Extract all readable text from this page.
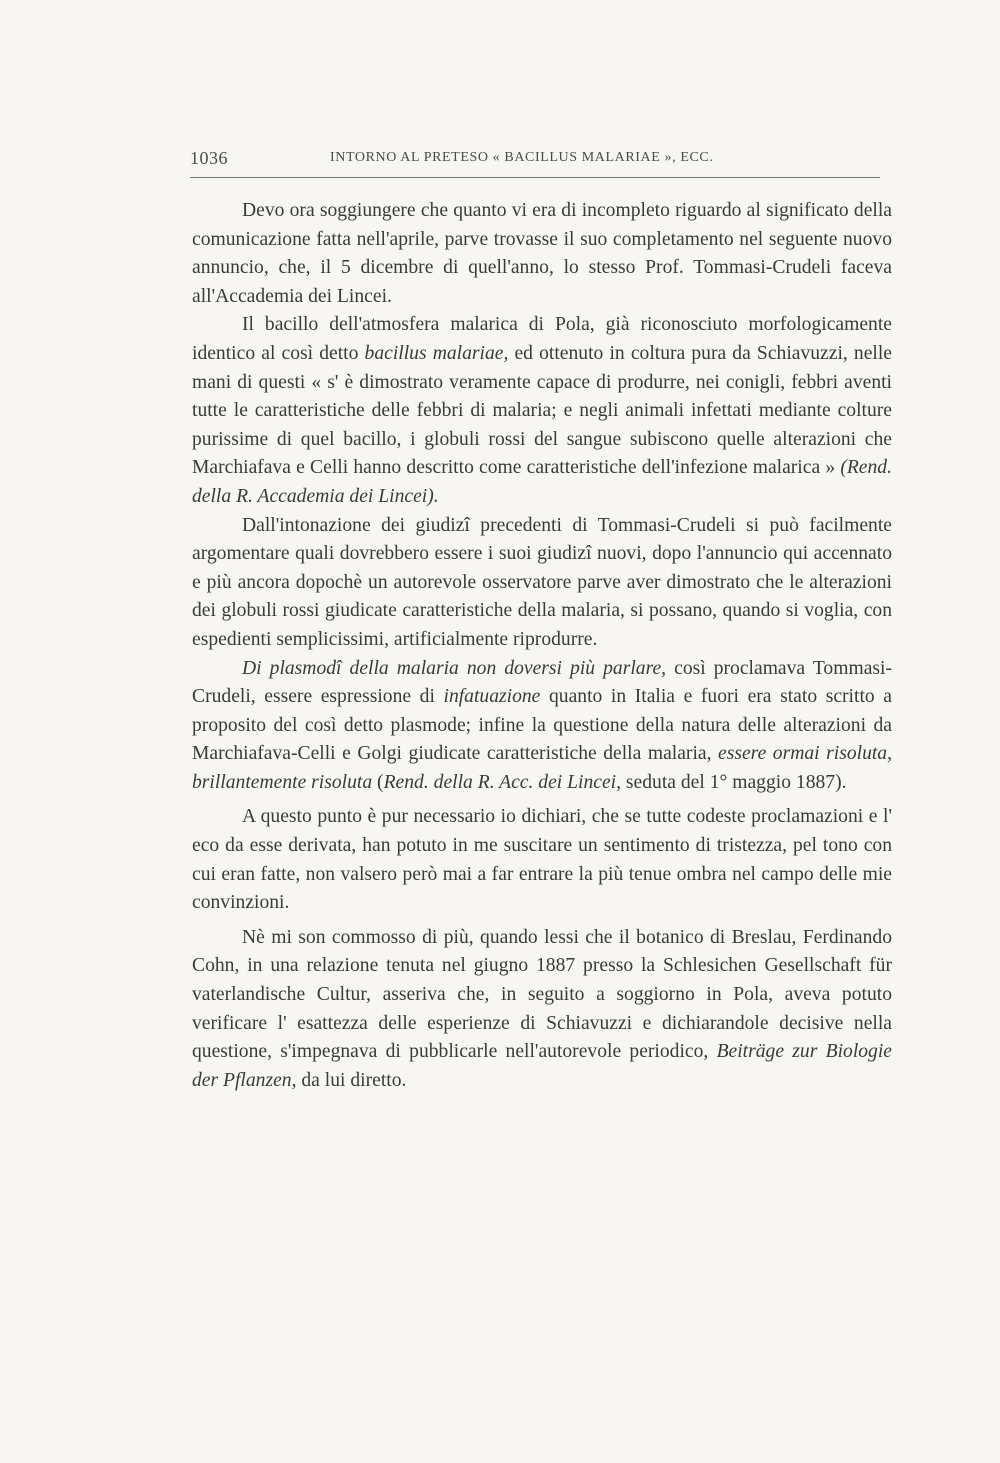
1036	INTORNO AL PRETESO « BACILLUS MALARIAE », ECC.

Devo ora soggiungere che quanto vi era di incompleto riguardo al significato della comunicazione fatta nell'aprile, parve trovasse il suo completamento nel seguente nuovo annuncio, che, il 5 dicembre di quell'anno, lo stesso Prof. Tommasi-Crudeli faceva all'Accademia dei Lincei.

Il bacillo dell'atmosfera malarica di Pola, già riconosciuto morfologicamente identico al così detto bacillus malariae, ed ottenuto in coltura pura da Schiavuzzi, nelle mani di questi « s' è dimostrato veramente capace di produrre, nei conigli, febbri aventi tutte le caratteristiche delle febbri di malaria; e negli animali infettati mediante colture purissime di quel bacillo, i globuli rossi del sangue subiscono quelle alterazioni che Marchiafava e Celli hanno descritto come caratteristiche dell'infezione malarica » (Rend. della R. Accademia dei Lincei).

Dall'intonazione dei giudizî precedenti di Tommasi-Crudeli si può facilmente argomentare quali dovrebbero essere i suoi giudizî nuovi, dopo l'annuncio qui accennato e più ancora dopochè un autorevole osservatore parve aver dimostrato che le alterazioni dei globuli rossi giudicate caratteristiche della malaria, si possano, quando si voglia, con espedienti semplicissimi, artificialmente riprodurre.

Di plasmodî della malaria non doversi più parlare, così proclamava Tommasi-Crudeli, essere espressione di infatuazione quanto in Italia e fuori era stato scritto a proposito del così detto plasmode; infine la questione della natura delle alterazioni da Marchiafava-Celli e Golgi giudicate caratteristiche della malaria, essere ormai risoluta, brillantemente risoluta (Rend. della R. Acc. dei Lincei, seduta del 1° maggio 1887).

A questo punto è pur necessario io dichiari, che se tutte codeste proclamazioni e l' eco da esse derivata, han potuto in me suscitare un sentimento di tristezza, pel tono con cui eran fatte, non valsero però mai a far entrare la più tenue ombra nel campo delle mie convinzioni.

Nè mi son commosso di più, quando lessi che il botanico di Breslau, Ferdinando Cohn, in una relazione tenuta nel giugno 1887 presso la Schlesichen Gesellschaft für vaterlandische Cultur, asseriva che, in seguito a soggiorno in Pola, aveva potuto verificare l' esattezza delle esperienze di Schiavuzzi e dichiarandole decisive nella questione, s'impegnava di pubblicarle nell'autorevole periodico, Beiträge zur Biologie der Pflanzen, da lui diretto.
